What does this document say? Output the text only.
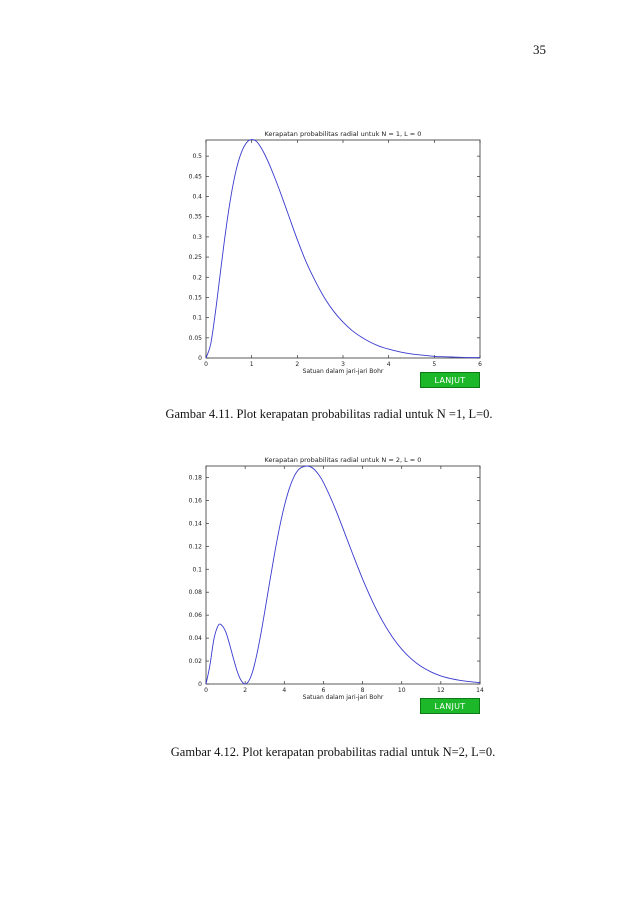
35
Kerapatan probabilitas radial untuk N = 1, L = 0
0	1	2	3	4	5	6
0
0.05
0.1
0.15
0.2
0.25
0.3
0.35
0.4
0.45
0.5
Satuan dalam jari-jari Bohr
LANJUT
Gambar 4.11. Plot kerapatan probabilitas radial untuk N =1, L=0.
Kerapatan probabilitas radial untuk N = 2, L = 0
0	2	4	6	8	10	12	14
0
0.02
0.04
0.06
0.08
0.1
0.12
0.14
0.16
0.18
Satuan dalam jari-jari Bohr
LANJUT
Gambar 4.12. Plot kerapatan probabilitas radial untuk N=2, L=0.
